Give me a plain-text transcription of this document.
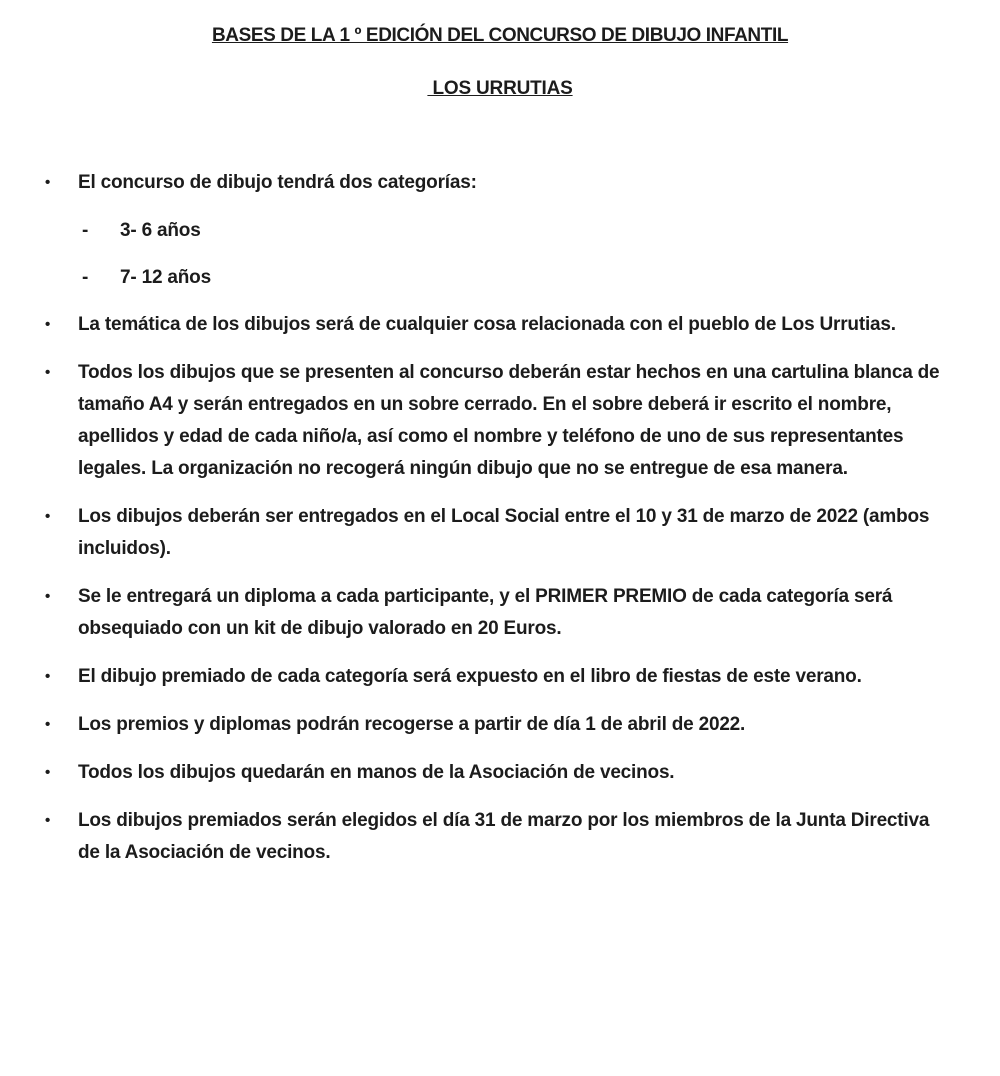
BASES DE LA 1 º EDICIÓN DEL CONCURSO DE DIBUJO INFANTIL
LOS URRUTIAS
•	El concurso de dibujo tendrá dos categorías:

-	3- 6 años

-	7- 12 años

•	La temática de los dibujos será de cualquier cosa relacionada con el pueblo de Los Urrutias.

•	Todos los dibujos que se presenten al concurso deberán estar hechos en una cartulina blanca de tamaño A4 y serán entregados en un sobre cerrado. En el sobre deberá ir escrito el nombre, apellidos y edad de cada niño/a, así como el nombre y teléfono de uno de sus representantes legales. La organización no recogerá ningún dibujo que no se entregue de esa manera.

•	Los dibujos deberán ser entregados en el Local Social entre el 10 y 31 de marzo de 2022 (ambos incluidos).

•	Se le entregará un diploma a cada participante, y el PRIMER PREMIO de cada categoría será obsequiado con un kit de dibujo valorado en 20 Euros.

•	El dibujo premiado de cada categoría será expuesto en el libro de fiestas de este verano.

•	Los premios y diplomas podrán recogerse a partir de día 1 de abril de 2022.

•	Todos los dibujos quedarán en manos de la Asociación de vecinos.

•	Los dibujos premiados serán elegidos el día 31 de marzo por los miembros de la Junta Directiva de la Asociación de vecinos.
